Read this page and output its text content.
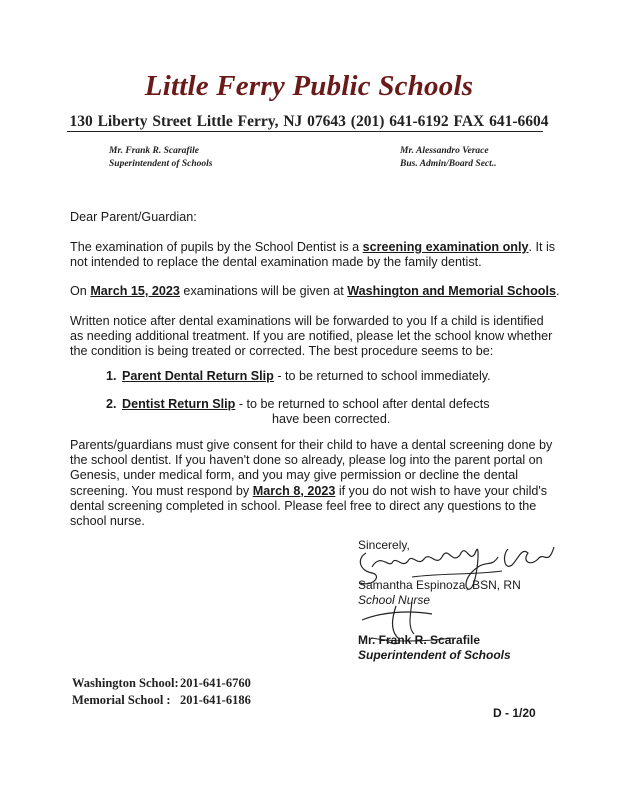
Little Ferry Public Schools
130 Liberty Street Little Ferry, NJ 07643 (201) 641-6192 FAX 641-6604
Mr. Frank R. Scarafile
Superintendent of Schools
Mr. Alessandro Verace
Bus. Admin/Board Sect..
Dear Parent/Guardian:
The examination of pupils by the School Dentist is a screening examination only. It is not intended to replace the dental examination made by the family dentist.
On March 15, 2023 examinations will be given at Washington and Memorial Schools.
Written notice after dental examinations will be forwarded to you If a child is identified as needing additional treatment. If you are notified, please let the school know whether the condition is being treated or corrected. The best procedure seems to be:
1. Parent Dental Return Slip - to be returned to school immediately.
2. Dentist Return Slip - to be returned to school after dental defects
have been corrected.
Parents/guardians must give consent for their child to have a dental screening done by the school dentist. If you haven't done so already, please log into the parent portal on Genesis, under medical form, and you may give permission or decline the dental screening. You must respond by March 8, 2023 if you do not wish to have your child's dental screening completed in school. Please feel free to direct any questions to the school nurse.
Sincerely,
Samantha Espinoza, BSN, RN
School Nurse
Mr. Frank R. Scarafile
Superintendent of Schools
Washington School:201-641-6760
Memorial School : 201-641-6186
D - 1/20
